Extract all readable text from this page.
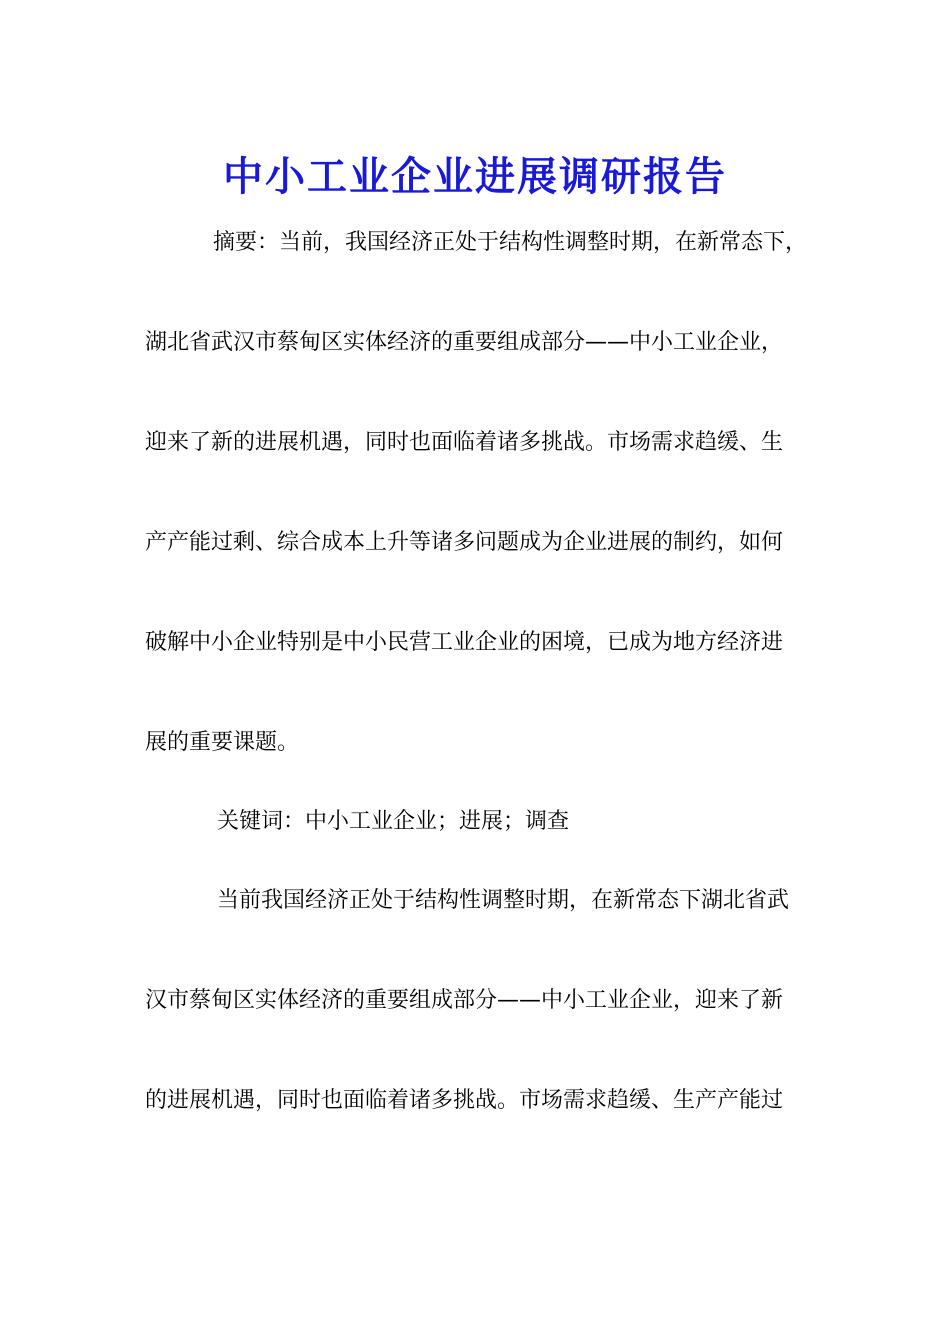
中小工业企业进展调研报告
摘要：当前，我国经济正处于结构性调整时期，在新常态下，
湖北省武汉市蔡甸区实体经济的重要组成部分——中小工业企业，
迎来了新的进展机遇，同时也面临着诸多挑战。市场需求趋缓、生
产产能过剩、综合成本上升等诸多问题成为企业进展的制约，如何
破解中小企业特别是中小民营工业企业的困境，已成为地方经济进
展的重要课题。
关键词：中小工业企业；进展；调查
当前我国经济正处于结构性调整时期，在新常态下湖北省武
汉市蔡甸区实体经济的重要组成部分——中小工业企业，迎来了新
的进展机遇，同时也面临着诸多挑战。市场需求趋缓、生产产能过
